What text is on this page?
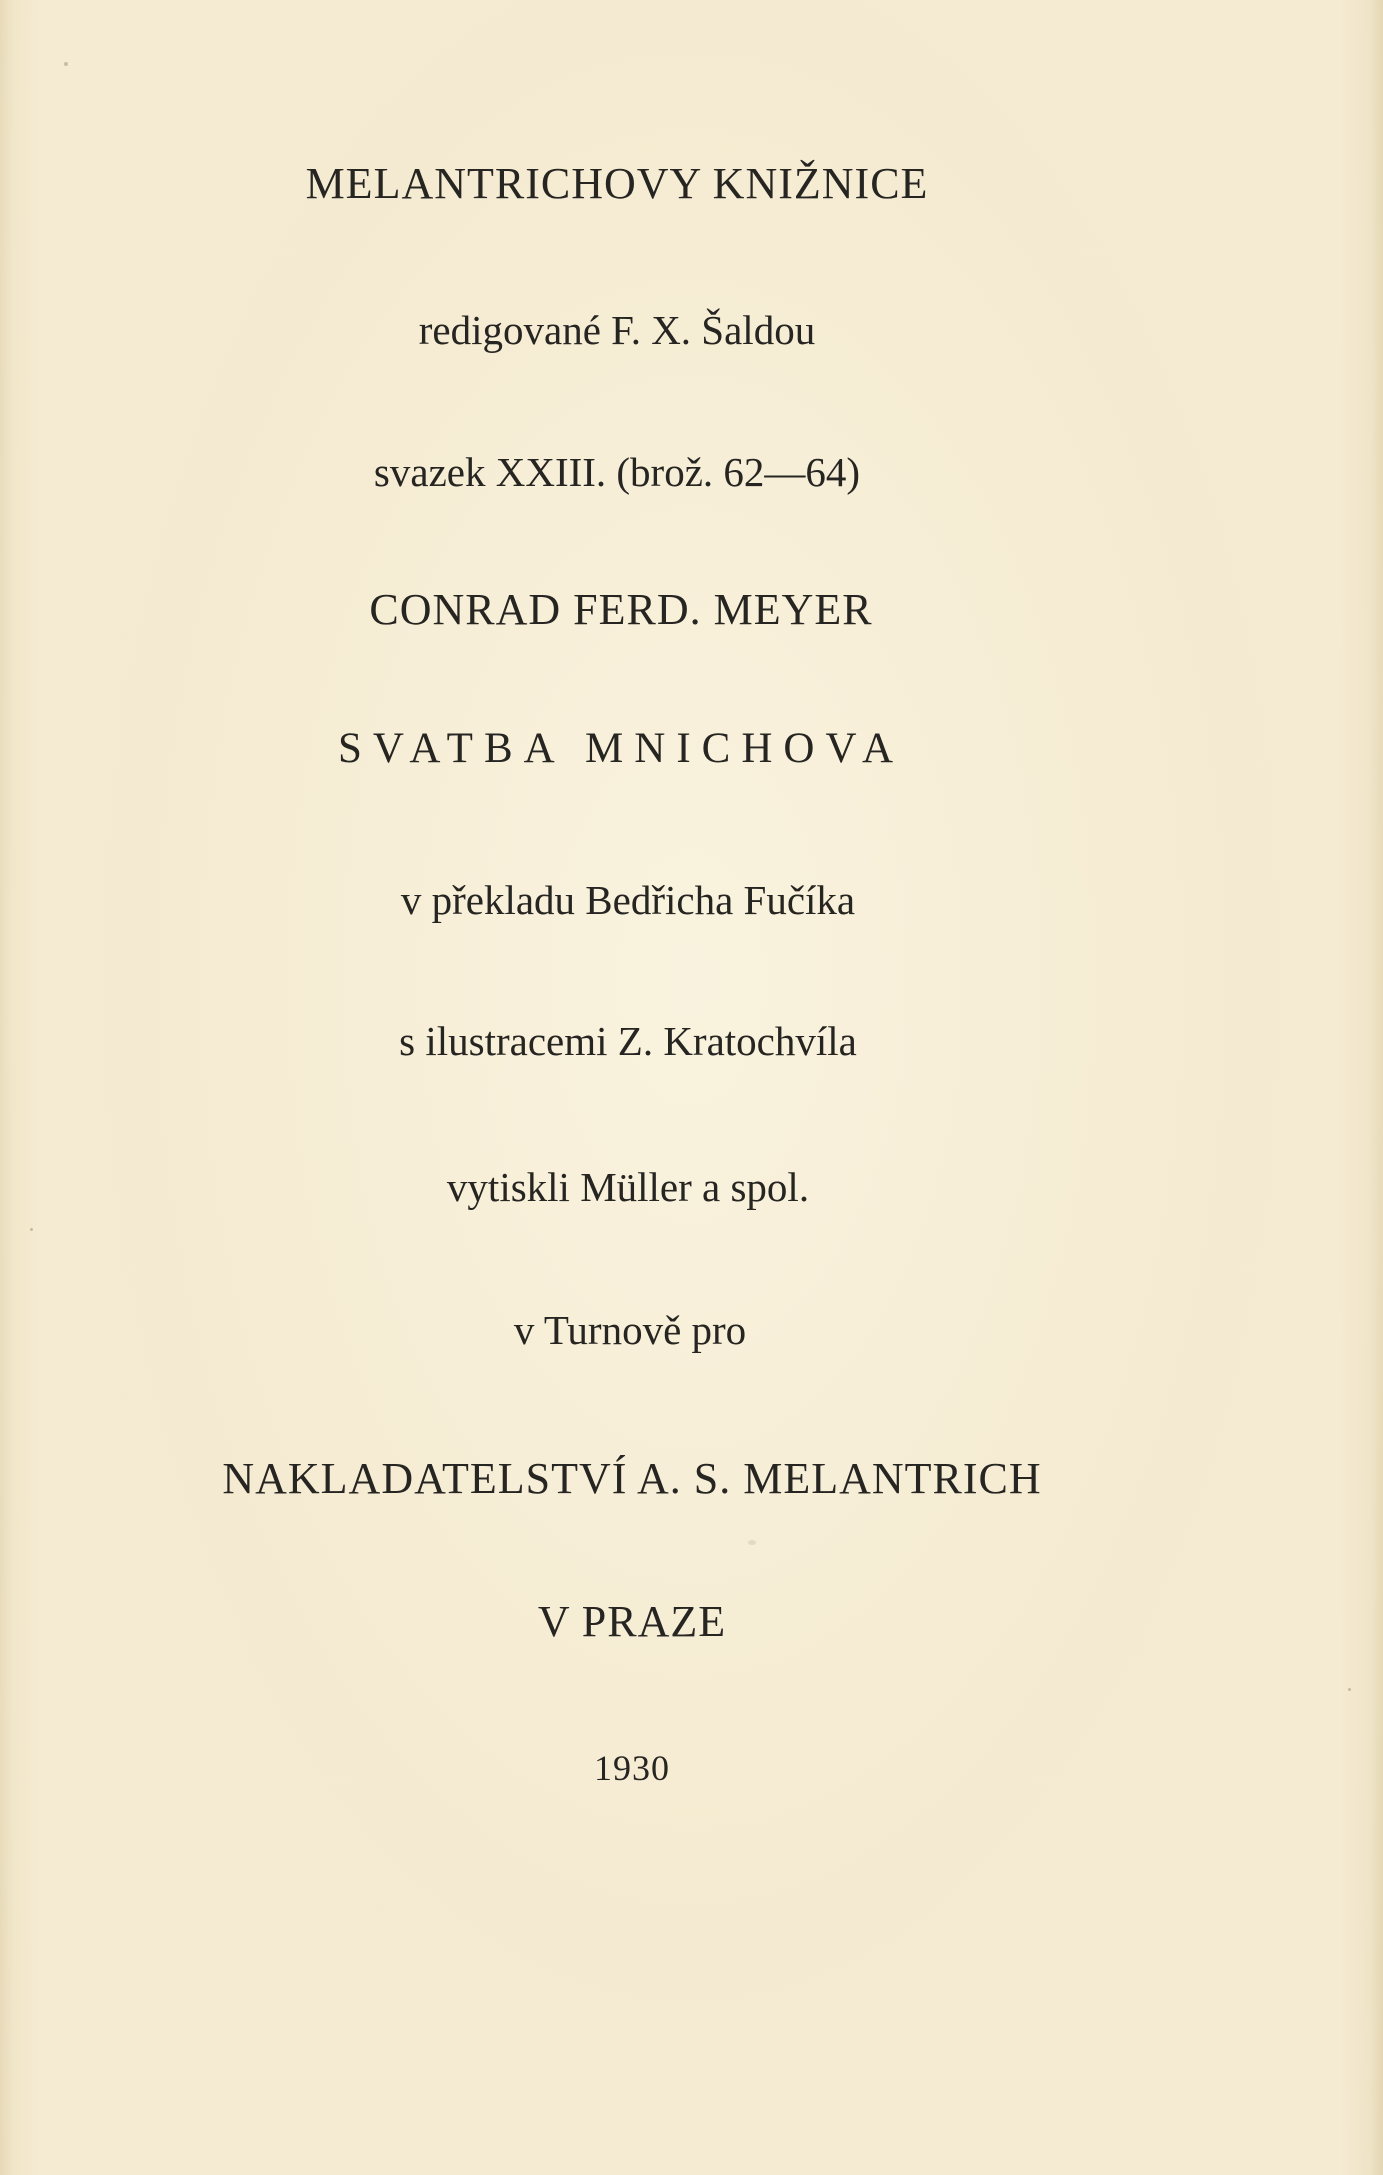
MELANTRICHOVY KNIŽNICE
redigované F. X. Šaldou
svazek XXIII. (brož. 62—64)
CONRAD FERD. MEYER
SVATBA MNICHOVA
v překladu Bedřicha Fučíka
s ilustracemi Z. Kratochvíla
vytiskli Müller a spol.
v Turnově pro
NAKLADATELSTVÍ A. S. MELANTRICH
V PRAZE
1930
